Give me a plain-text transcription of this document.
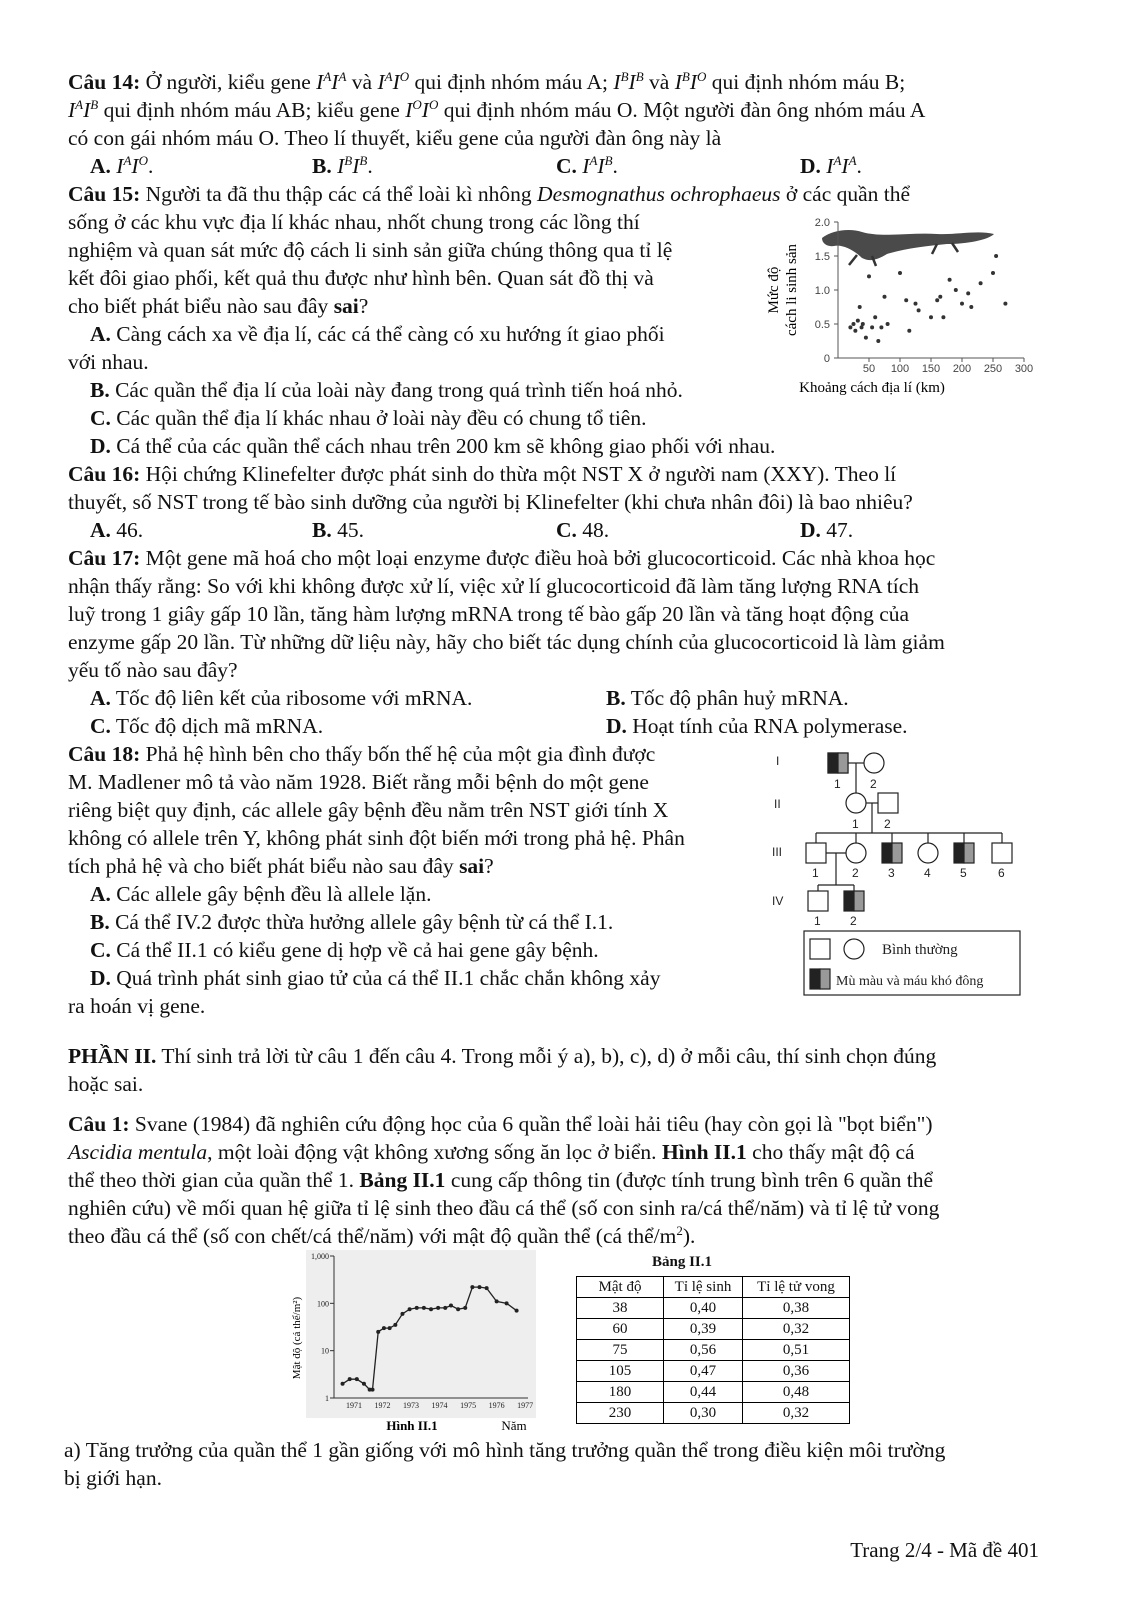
Câu 14: Ở người, kiểu gene $I^AI^A$ và $I^AI^O$ qui định nhóm máu A; $I^BI^B$ và $I^BI^O$ qui định nhóm máu B;
$I^AI^B$ qui định nhóm máu AB; kiểu gene $I^OI^O$ qui định nhóm máu O. Một người đàn ông nhóm máu A
có con gái nhóm máu O. Theo lí thuyết, kiểu gene của người đàn ông này là
A. $I^AI^O$.	B. $I^BI^B$.	C. $I^AI^B$.	D. $I^AI^A$.
Câu 15: Người ta đã thu thập các cá thể loài kì nhông Desmognathus ochrophaeus ở các quần thể
sống ở các khu vực địa lí khác nhau, nhốt chung trong các lồng thí
nghiệm và quan sát mức độ cách li sinh sản giữa chúng thông qua tỉ lệ
kết đôi giao phối, kết quả thu được như hình bên. Quan sát đồ thị và
cho biết phát biểu nào sau đây sai?
A. Càng cách xa về địa lí, các cá thể càng có xu hướng ít giao phối
với nhau.
B. Các quần thể địa lí của loài này đang trong quá trình tiến hoá nhỏ.
C. Các quần thể địa lí khác nhau ở loài này đều có chung tổ tiên.
D. Cá thể của các quần thể cách nhau trên 200 km sẽ không giao phối với nhau.
50 100 150 200 250 300
0
0.5
1.0
1.5
2.0
Khoảng cách địa lí (km)
Mức độ cách li sinh sản
Câu 16: Hội chứng Klinefelter được phát sinh do thừa một NST X ở người nam (XXY). Theo lí
thuyết, số NST trong tế bào sinh dưỡng của người bị Klinefelter (khi chưa nhân đôi) là bao nhiêu?
A. 46.	B. 45.	C. 48.	D. 47.
Câu 17: Một gene mã hoá cho một loại enzyme được điều hoà bởi glucocorticoid. Các nhà khoa học
nhận thấy rằng: So với khi không được xử lí, việc xử lí glucocorticoid đã làm tăng lượng RNA tích
luỹ trong 1 giây gấp 10 lần, tăng hàm lượng mRNA trong tế bào gấp 20 lần và tăng hoạt động của
enzyme gấp 20 lần. Từ những dữ liệu này, hãy cho biết tác dụng chính của glucocorticoid là làm giảm
yếu tố nào sau đây?
A. Tốc độ liên kết của ribosome với mRNA.	B. Tốc độ phân huỷ mRNA.
C. Tốc độ dịch mã mRNA.	D. Hoạt tính của RNA polymerase.
Câu 18: Phả hệ hình bên cho thấy bốn thế hệ của một gia đình được
M. Madlener mô tả vào năm 1928. Biết rằng mỗi bệnh do một gene
riêng biệt quy định, các allele gây bệnh đều nằm trên NST giới tính X
không có allele trên Y, không phát sinh đột biến mới trong phả hệ. Phân
tích phả hệ và cho biết phát biểu nào sau đây sai?
A. Các allele gây bệnh đều là allele lặn.
B. Cá thể IV.2 được thừa hưởng allele gây bệnh từ cá thể I.1.
C. Cá thể II.1 có kiểu gene dị hợp về cả hai gene gây bệnh.
D. Quá trình phát sinh giao tử của cá thể II.1 chắc chắn không xảy
ra hoán vị gene.
I
II
III
IV
1 2
1 2
1	2 3 4 5	6
1 2
Bình thường
Mù màu và máu khó đông
PHẦN II. Thí sinh trả lời từ câu 1 đến câu 4. Trong mỗi ý a), b), c), d) ở mỗi câu, thí sinh chọn đúng
hoặc sai.
Câu 1: Svane (1984) đã nghiên cứu động học của 6 quần thể loài hải tiêu (hay còn gọi là "bọt biển")
Ascidia mentula, một loài động vật không xương sống ăn lọc ở biển. Hình II.1 cho thấy mật độ cá
thể theo thời gian của quần thể 1. Bảng II.1 cung cấp thông tin (được tính trung bình trên 6 quần thể
nghiên cứu) về mối quan hệ giữa tỉ lệ sinh theo đầu cá thể (số con sinh ra/cá thể/năm) và tỉ lệ tử vong
theo đầu cá thể (số con chết/cá thể/năm) với mật độ quần thể (cá thể/$m^2$).
1
10
100
1,000
1971 1972 1973 1974 1975 1976 1977
Mật độ (cá thể/m²)
Hình II.1	Năm
Bảng II.1
Mật độ	Tỉ lệ sinh	Tỉ lệ tử vong
38	0,40	0,38
60	0,39	0,32
75	0,56	0,51
105	0,47	0,36
180	0,44	0,48
230	0,30	0,32
a) Tăng trưởng của quần thể 1 gần giống với mô hình tăng trưởng quần thể trong điều kiện môi trường
bị giới hạn.
Trang 2/4 - Mã đề 401
